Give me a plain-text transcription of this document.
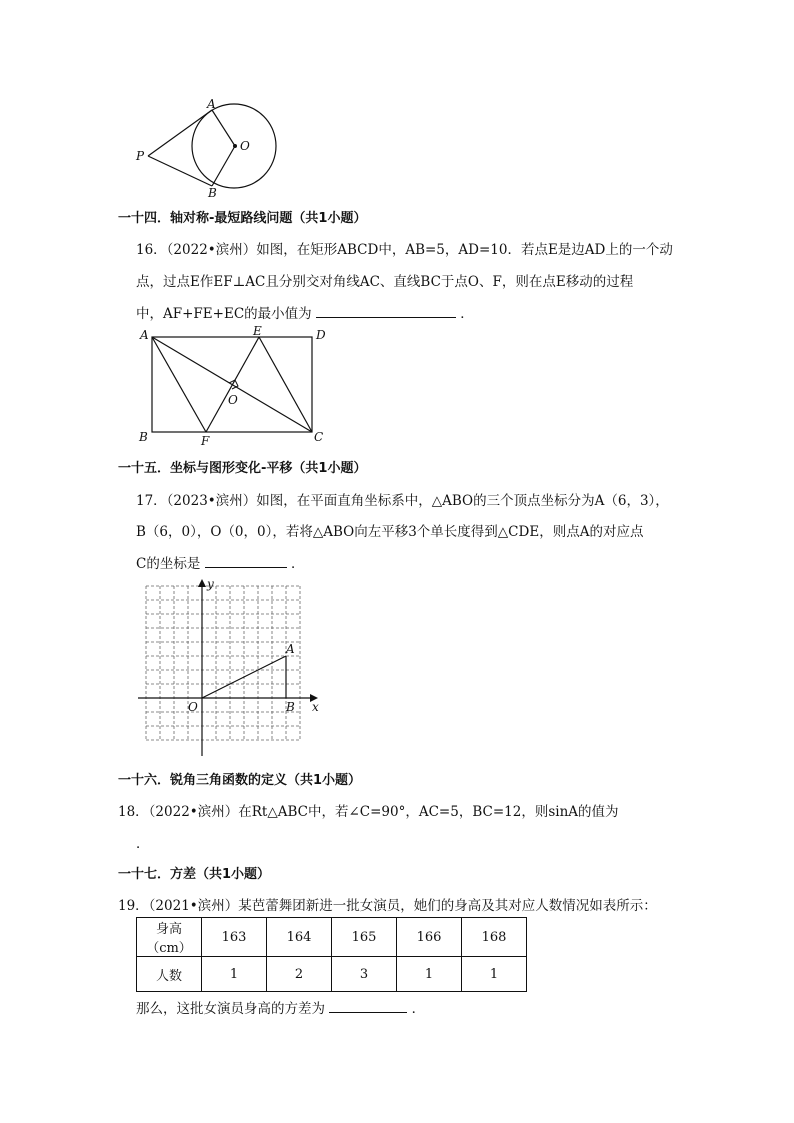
A
O
P
B
一十四．轴对称-最短路线问题（共1小题）
16．（2022•滨州）如图，在矩形ABCD中，AB=5，AD=10．若点E是边AD上的一个动
点，过点E作EF⊥AC且分别交对角线AC、直线BC于点O、F，则在点E移动的过程
中，AF+FE+EC的最小值为	．
A	E	D
O
B	F	C
一十五．坐标与图形变化-平移（共1小题）
17．（2023•滨州）如图，在平面直角坐标系中，△ABO的三个顶点坐标分为A（6，3），
B（6，0），O（0，0），若将△ABO向左平移3个单长度得到△CDE，则点A的对应点
C的坐标是	．
y
x
O
A
B
一十六．锐角三角函数的定义（共1小题）
18．（2022•滨州）在Rt△ABC中，若∠C=90°，AC=5，BC=12，则sinA的值为
．
一十七．方差（共1小题）
19．（2021•滨州）某芭蕾舞团新进一批女演员，她们的身高及其对应人数情况如表所示：
身高（cm）	163	164	165	166	168
人数	1	2	3	1	1
那么，这批女演员身高的方差为	．
